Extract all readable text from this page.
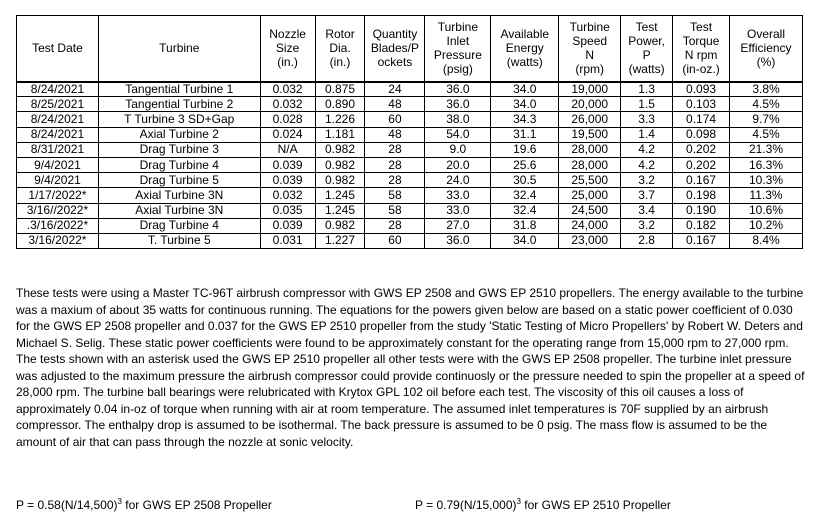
Test Date	Turbine	Nozzle
Size
(in.)	Rotor
Dia.
(in.)	Quantity
Blades/P
ockets	Turbine
Inlet
Pressure
(psig)	Available
Energy
(watts)	Turbine
Speed
N
(rpm)	Test
Power,
P
(watts)	Test
Torque
N rpm
(in-oz.)	Overall
Efficiency
(%)
8/24/2021	Tangential Turbine 1	0.032	0.875	24	36.0	34.0	19,000	1.3	0.093	3.8%
8/25/2021	Tangential Turbine 2	0.032	0.890	48	36.0	34.0	20,000	1.5	0.103	4.5%
8/24/2021	T Turbine 3 SD+Gap	0.028	1.226	60	38.0	34.3	26,000	3.3	0.174	9.7%
8/24/2021	Axial Turbine 2	0.024	1.181	48	54.0	31.1	19,500	1.4	0.098	4.5%
8/31/2021	Drag Turbine 3	N/A	0.982	28	9.0	19.6	28,000	4.2	0.202	21.3%
9/4/2021	Drag Turbine 4	0.039	0.982	28	20.0	25.6	28,000	4.2	0.202	16.3%
9/4/2021	Drag Turbine 5	0.039	0.982	28	24.0	30.5	25,500	3.2	0.167	10.3%
1/17/2022*	Axial Turbine 3N	0.032	1.245	58	33.0	32.4	25,000	3.7	0.198	11.3%
3/16//2022*	Axial Turbine 3N	0.035	1.245	58	33.0	32.4	24,500	3.4	0.190	10.6%
.3/16/2022*	Drag Turbine 4	0.039	0.982	28	27.0	31.8	24,000	3.2	0.182	10.2%
3/16/2022*	T. Turbine 5	0.031	1.227	60	36.0	34.0	23,000	2.8	0.167	8.4%

These tests were using a Master TC-96T airbrush compressor with GWS EP 2508 and GWS EP 2510 propellers. The energy available to the turbine was a maxium of about 35 watts for continuous running. The equations for the powers given below are based on a static power coefficient of 0.030 for the GWS EP 2508 propeller and 0.037 for the GWS EP 2510 propeller from the study 'Static Testing of Micro Propellers' by Robert W. Deters and Michael S. Selig. These static power coefficients were found to be approximately constant for the operating range from 15,000 rpm to 27,000 rpm. The tests shown with an asterisk used the GWS EP 2510 propeller all other tests were with the GWS EP 2508 propeller. The turbine inlet pressure was adjusted to the maximum pressure the airbrush compressor could provide continuosly or the pressure needed to spin the propeller at a speed of 28,000 rpm. The turbine ball bearings were relubricated with Krytox GPL 102 oil before each test. The viscosity of this oil causes a loss of approximately 0.04 in-oz of torque when running with air at room temperature. The assumed inlet temperatures is 70F supplied by an airbrush compressor. The enthalpy drop is assumed to be isothermal. The back pressure is assumed to be 0 psig. The mass flow is assumed to be the amount of air that can pass through the nozzle at sonic velocity.

$P = 0.58(N/14,500)^3$ for GWS EP 2508 Propeller	$P = 0.79(N/15,000)^3$ for GWS EP 2510 Propeller
